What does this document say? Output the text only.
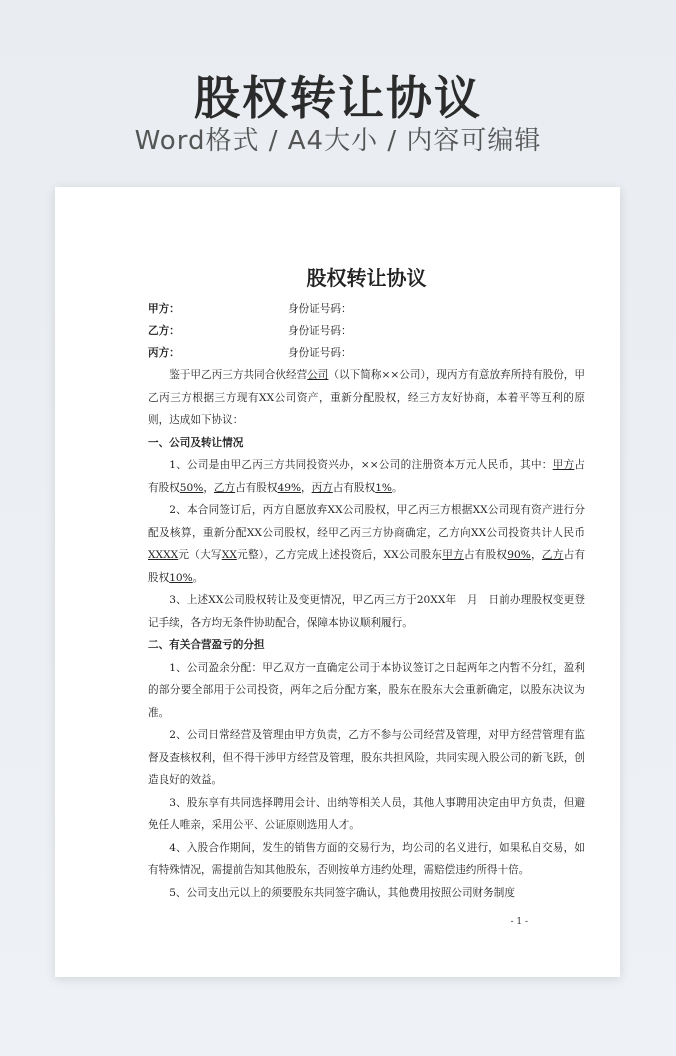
股权转让协议
Word格式 / A4大小 / 内容可编辑
股权转让协议
甲方：	身份证号码：
乙方：	身份证号码：
丙方：	身份证号码：

鉴于甲乙丙三方共同合伙经营公司（以下简称××公司），现丙方有意放弃所持有股份，甲乙丙三方根据三方现有XX公司资产，重新分配股权，经三方友好协商，本着平等互利的原则，达成如下协议：

一、公司及转让情况

1、公司是由甲乙丙三方共同投资兴办，××公司的注册资本万元人民币，其中：甲方占有股权50%，乙方占有股权49%，丙方占有股权1%。

2、本合同签订后，丙方自愿放弃XX公司股权，甲乙丙三方根据XX公司现有资产进行分配及核算，重新分配XX公司股权，经甲乙丙三方协商确定，乙方向XX公司投资共计人民币XXXX元（大写XX元整），乙方完成上述投资后，XX公司股东甲方占有股权90%，乙方占有股权10%。

3、上述XX公司股权转让及变更情况，甲乙丙三方于20XX年　月　日前办理股权变更登记手续，各方均无条件协助配合，保障本协议顺利履行。

二、有关合营盈亏的分担

1、公司盈余分配：甲乙双方一直确定公司于本协议签订之日起两年之内暂不分红，盈利的部分要全部用于公司投资，两年之后分配方案，股东在股东大会重新确定，以股东决议为准。

2、公司日常经营及管理由甲方负责，乙方不参与公司经营及管理，对甲方经营管理有监督及查核权利，但不得干涉甲方经营及管理，股东共担风险，共同实现入股公司的新飞跃，创造良好的效益。

3、股东享有共同选择聘用会计、出纳等相关人员，其他人事聘用决定由甲方负责，但避免任人唯亲，采用公平、公证原则选用人才。

4、入股合作期间，发生的销售方面的交易行为，均公司的名义进行，如果私自交易，如有特殊情况，需提前告知其他股东，否则按单方违约处理，需赔偿违约所得十倍。

5、公司支出元以上的须要股东共同签字确认，其他费用按照公司财务制度

- 1 -
